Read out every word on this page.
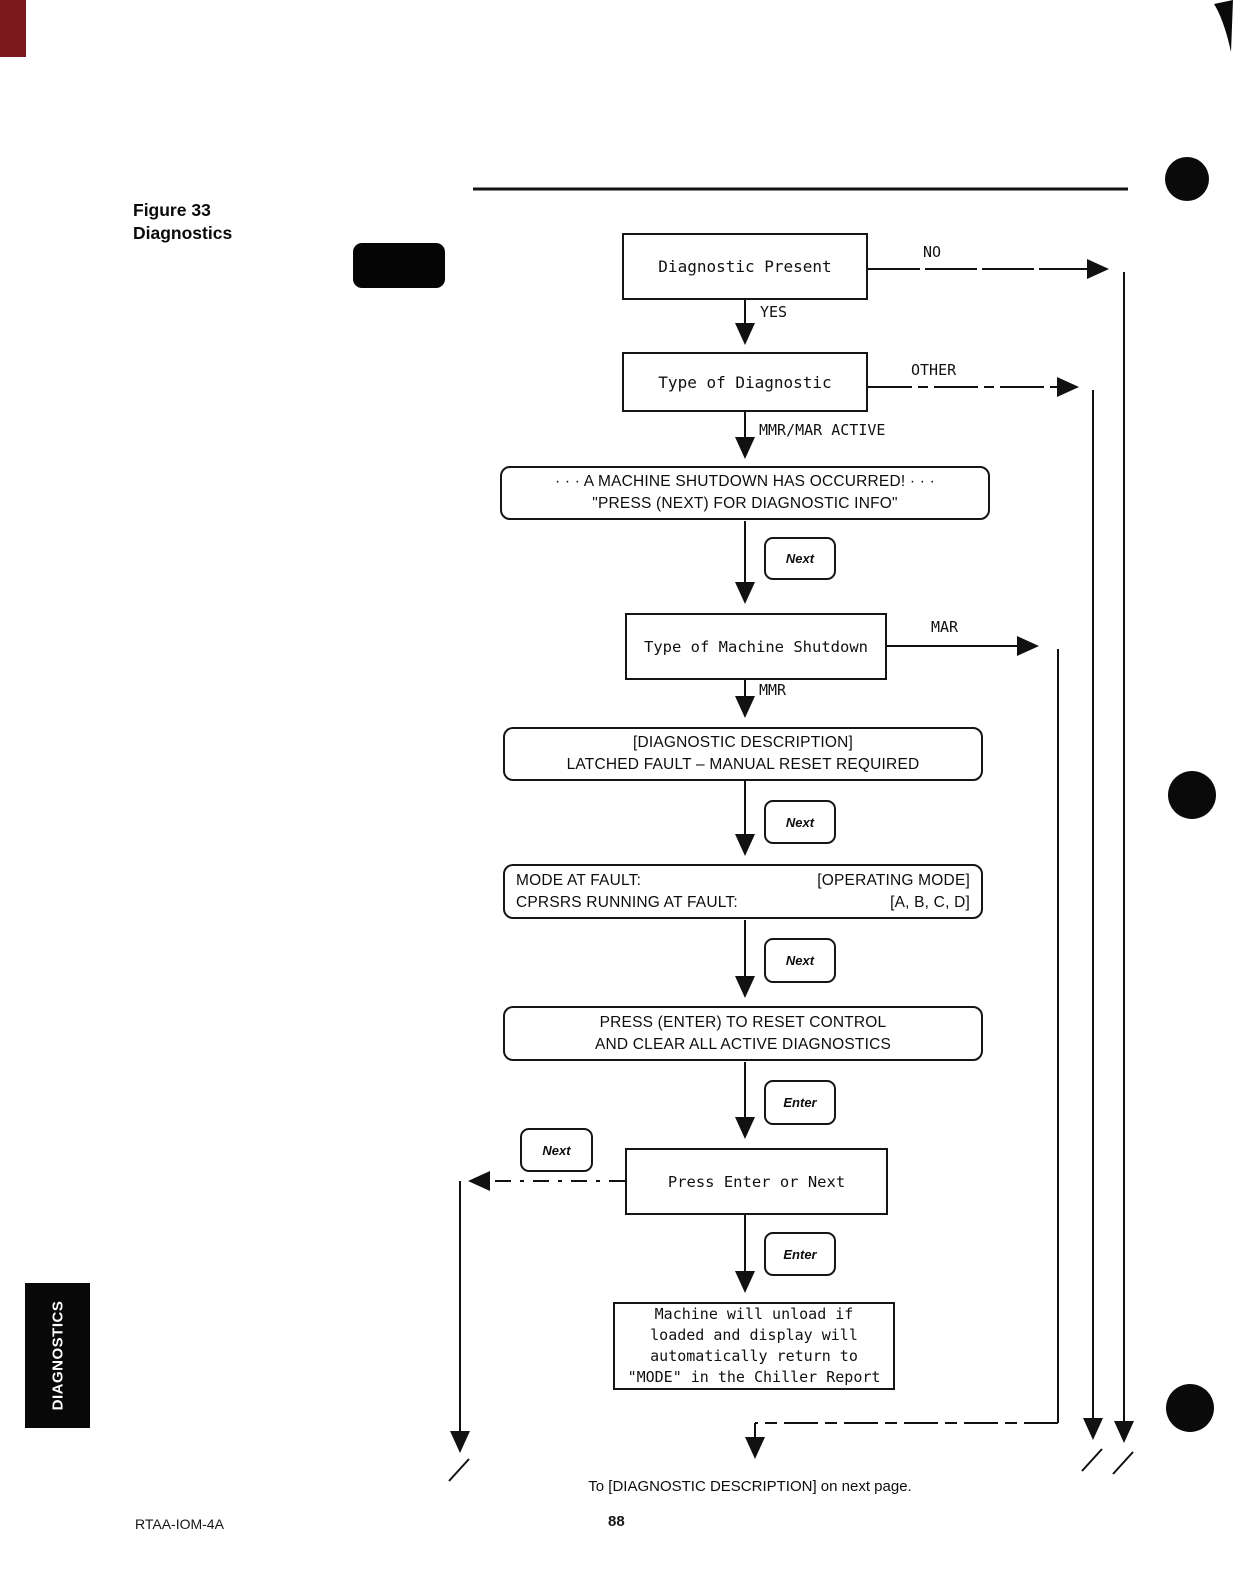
Figure 33
Diagnostics
Diagnostic Present
Type of Diagnostic
· · · A MACHINE SHUTDOWN HAS OCCURRED! · · ·
"PRESS (NEXT) FOR DIAGNOSTIC INFO"
Next
Type of Machine Shutdown
[DIAGNOSTIC DESCRIPTION]
LATCHED FAULT – MANUAL RESET REQUIRED
Next
MODE AT FAULT:	[OPERATING MODE]
CPRSRS RUNNING AT FAULT:	[A, B, C, D]
Next
PRESS (ENTER) TO RESET CONTROL
AND CLEAR ALL ACTIVE DIAGNOSTICS
Enter
Next
Press Enter or Next
Enter
Machine will unload if
loaded and display will
automatically return to
"MODE" in the Chiller Report
NO
YES
OTHER
MMR/MAR ACTIVE
MAR
MMR
To [DIAGNOSTIC DESCRIPTION] on next page.
DIAGNOSTICS
RTAA-IOM-4A	88
